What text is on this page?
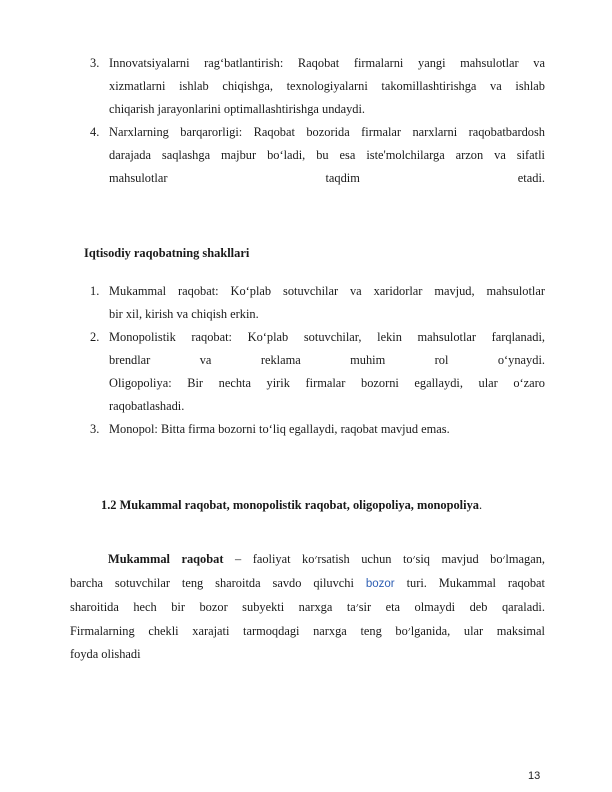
3. Innovatsiyalarni rag‘batlantirish: Raqobat firmalarni yangi mahsulotlar va
xizmatlarni ishlab chiqishga, texnologiyalarni takomillashtirishga va ishlab
chiqarish jarayonlarini optimallashtirishga undaydi.
4. Narxlarning barqarorligi: Raqobat bozorida firmalar narxlarni raqobatbardosh
darajada saqlashga majbur bo‘ladi, bu esa iste'molchilarga arzon va sifatli
mahsulotlar taqdim etadi.
Iqtisodiy raqobatning shakllari
1. Mukammal raqobat: Ko‘plab sotuvchilar va xaridorlar mavjud, mahsulotlar
bir xil, kirish va chiqish erkin.
2. Monopolistik raqobat: Ko‘plab sotuvchilar, lekin mahsulotlar farqlanadi,
brendlar va reklama muhim rol o‘ynaydi.
Oligopoliya: Bir nechta yirik firmalar bozorni egallaydi, ular o‘zaro
raqobatlashadi.
3. Monopol: Bitta firma bozorni to‘liq egallaydi, raqobat mavjud emas.
1.2 Mukammal raqobat, monopolistik raqobat, oligopoliya, monopoliya.
Mukammal raqobat – faoliyat ko׳rsatish uchun to׳siq mavjud bo׳lmagan,
barcha sotuvchilar teng sharoitda savdo qiluvchi bozor turi. Mukammal raqobat
sharoitida hech bir bozor subyekti narxga ta׳sir eta olmaydi deb qaraladi.
Firmalarning chekli xarajati tarmoqdagi narxga teng bo׳lganida, ular maksimal
foyda olishadi
13
